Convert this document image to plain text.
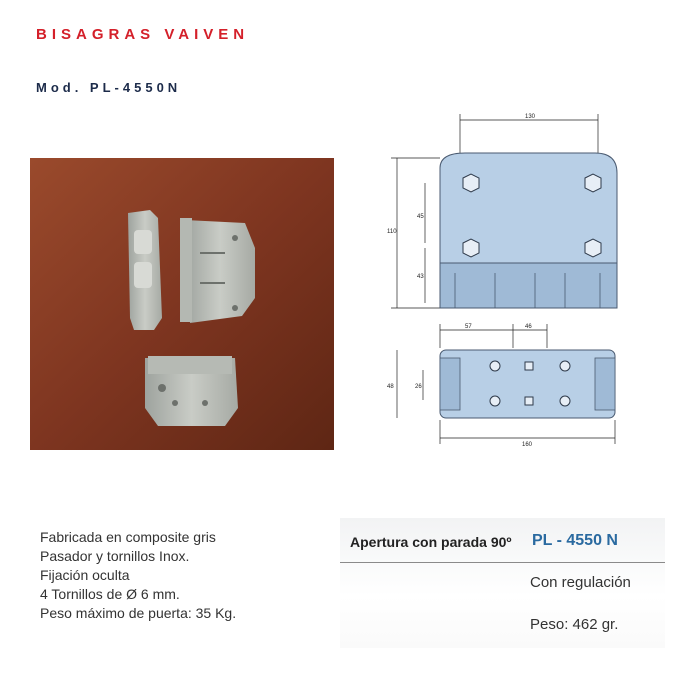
BISAGRAS VAIVEN
Mod. PL-4550N
130
110
45
43
57	46
48	26
160
Fabricada en composite gris
Pasador y tornillos Inox.
Fijación oculta
4 Tornillos de Ø 6 mm.
Peso máximo de puerta: 35 Kg.
Apertura con parada 90º PL - 4550 N
Con regulación
Peso: 462 gr.
